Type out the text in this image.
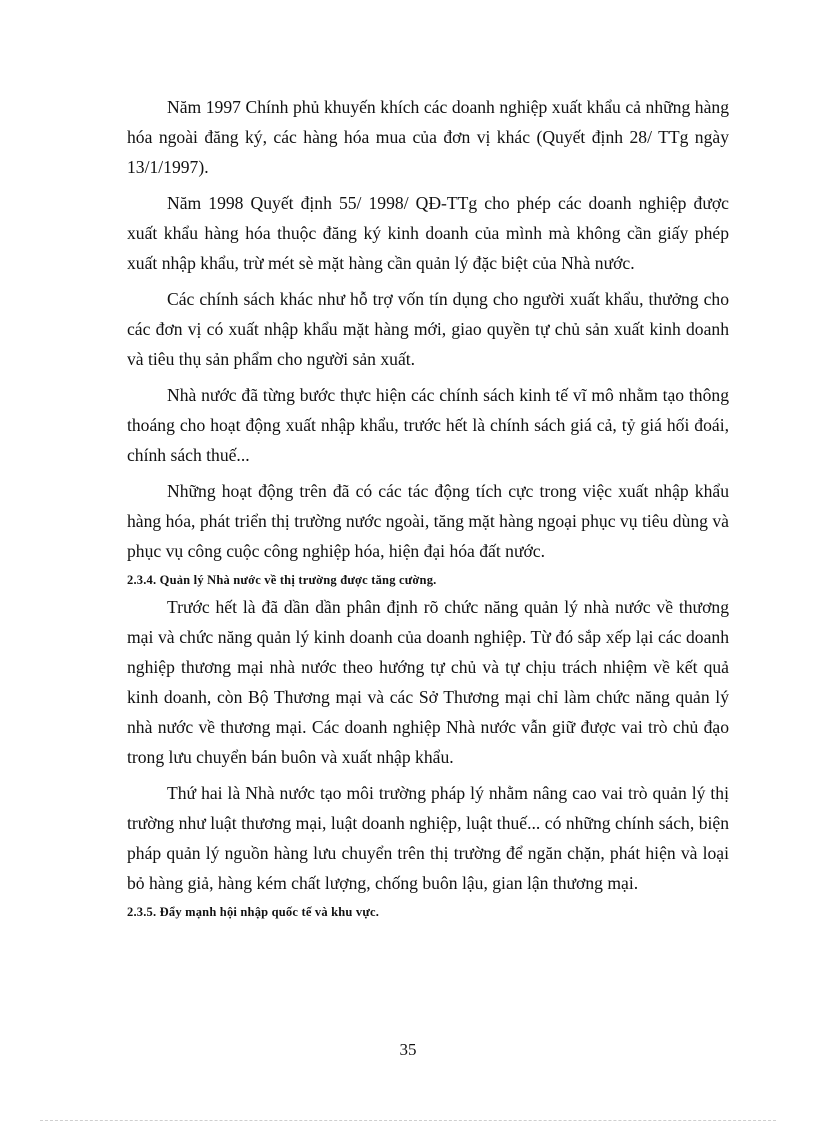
Năm 1997 Chính phủ khuyến khích các doanh nghiệp xuất khẩu cả những hàng hóa ngoài đăng ký, các hàng hóa mua của đơn vị khác (Quyết định 28/ TTg ngày 13/1/1997).

Năm 1998 Quyết định 55/ 1998/ QĐ-TTg cho phép các doanh nghiệp được xuất khẩu hàng hóa thuộc đăng ký kinh doanh của mình mà không cần giấy phép xuất nhập khẩu, trừ mét sè mặt hàng cần quản lý đặc biệt của Nhà nước.

Các chính sách khác như hỗ trợ vốn tín dụng cho người xuất khẩu, thưởng cho các đơn vị có xuất nhập khẩu mặt hàng mới, giao quyền tự chủ sản xuất kinh doanh và tiêu thụ sản phẩm cho người sản xuất.

Nhà nước đã từng bước thực hiện các chính sách kinh tế vĩ mô nhằm tạo thông thoáng cho hoạt động xuất nhập khẩu, trước hết là chính sách giá cả, tỷ giá hối đoái, chính sách thuế...

Những hoạt động trên đã có các tác động tích cực trong việc xuất nhập khẩu hàng hóa, phát triển thị trường nước ngoài, tăng mặt hàng ngoại phục vụ tiêu dùng và phục vụ công cuộc công nghiệp hóa, hiện đại hóa đất nước.

2.3.4. Quản lý Nhà nước về thị trường được tăng cường.

Trước hết là đã dần dần phân định rõ chức năng quản lý nhà nước về thương mại và chức năng quản lý kinh doanh của doanh nghiệp. Từ đó sắp xếp lại các doanh nghiệp thương mại nhà nước theo hướng tự chủ và tự chịu trách nhiệm về kết quả kinh doanh, còn Bộ Thương mại và các Sở Thương mại chỉ làm chức năng quản lý nhà nước về thương mại. Các doanh nghiệp Nhà nước vẫn giữ được vai trò chủ đạo trong lưu chuyển bán buôn và xuất nhập khẩu.

Thứ hai là Nhà nước tạo môi trường pháp lý nhằm nâng cao vai trò quản lý thị trường như luật thương mại, luật doanh nghiệp, luật thuế... có những chính sách, biện pháp quản lý nguồn hàng lưu chuyển trên thị trường để ngăn chặn, phát hiện và loại bỏ hàng giả, hàng kém chất lượng, chống buôn lậu, gian lận thương mại.

2.3.5. Đẩy mạnh hội nhập quốc tế và khu vực.
35
